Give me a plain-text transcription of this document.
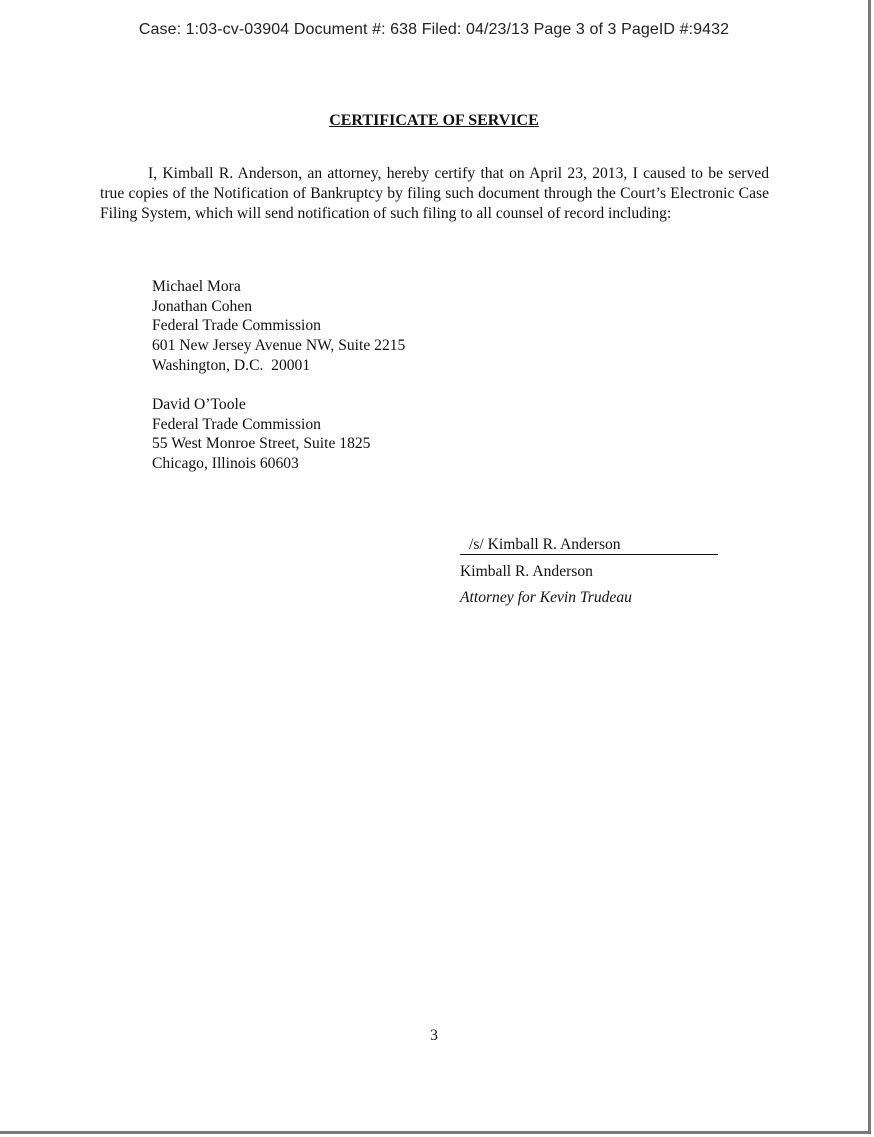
Case: 1:03-cv-03904 Document #: 638 Filed: 04/23/13 Page 3 of 3 PageID #:9432
CERTIFICATE OF SERVICE

I, Kimball R. Anderson, an attorney, hereby certify that on April 23, 2013, I caused to be served true copies of the Notification of Bankruptcy by filing such document through the Court’s Electronic Case Filing System, which will send notification of such filing to all counsel of record including:

Michael Mora
Jonathan Cohen
Federal Trade Commission
601 New Jersey Avenue NW, Suite 2215
Washington, D.C.  20001
David O’Toole
Federal Trade Commission
55 West Monroe Street, Suite 1825
Chicago, Illinois 60603
/s/ Kimball R. Anderson
Kimball R. Anderson
Attorney for Kevin Trudeau
3
